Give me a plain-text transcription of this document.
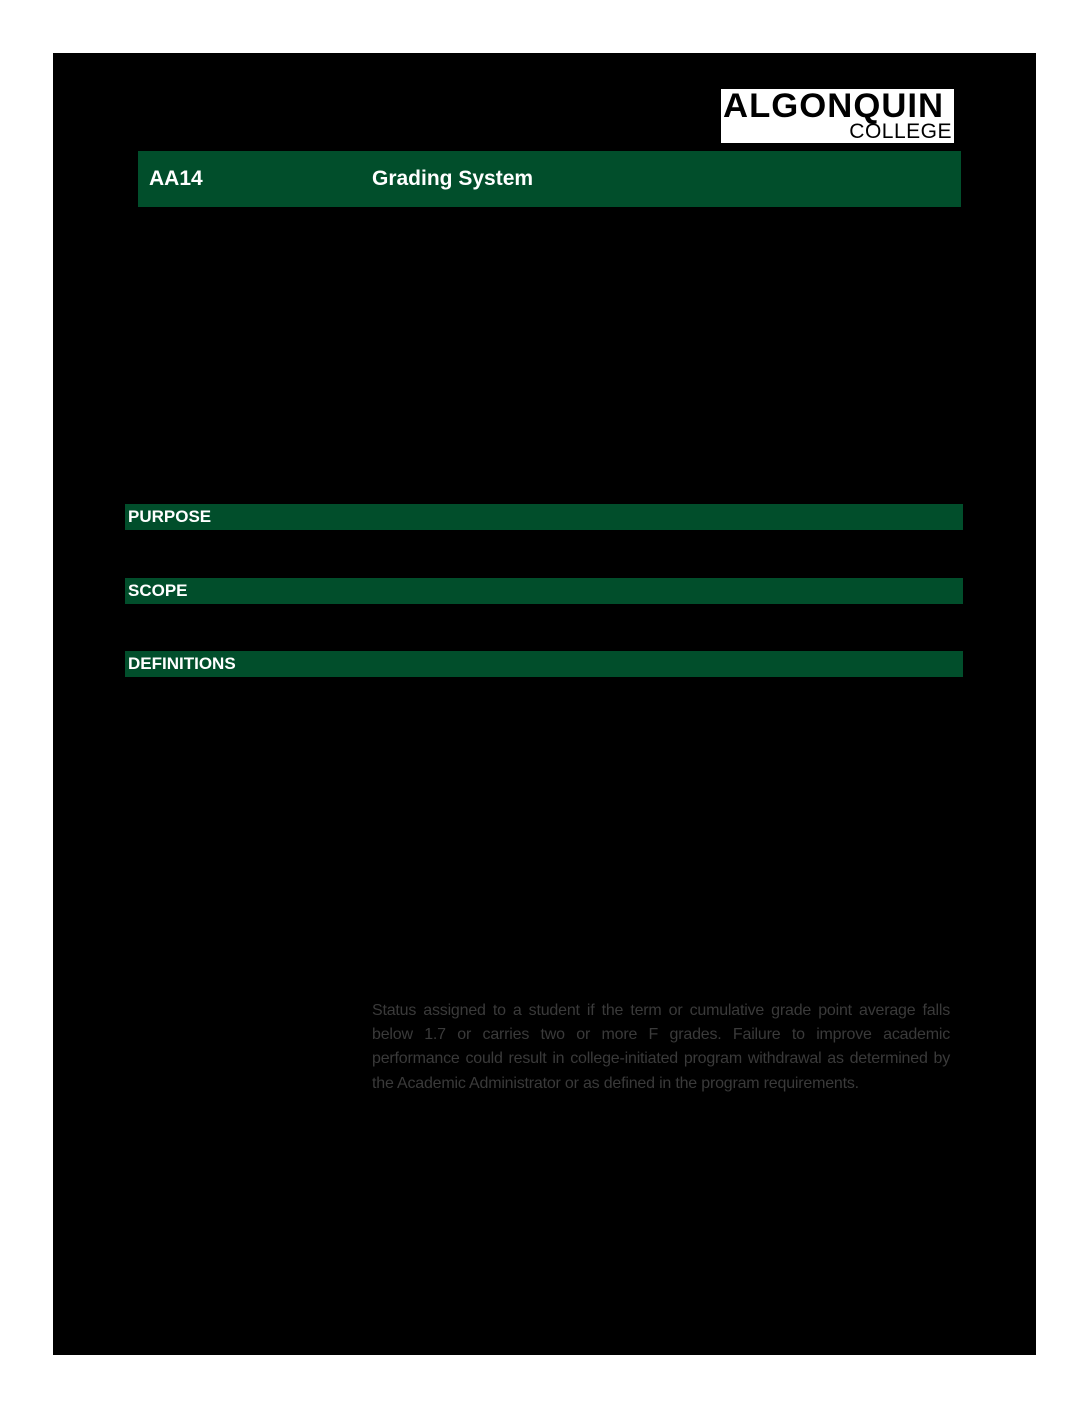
ALGONQUIN
COLLEGE
AA14	Grading System
PURPOSE
SCOPE
DEFINITIONS
Status assigned to a student if the term or cumulative grade point average falls below 1.7 or carries two or more F grades. Failure to improve academic performance could result in college-initiated program withdrawal as determined by the Academic Administrator or as defined in the program requirements.
